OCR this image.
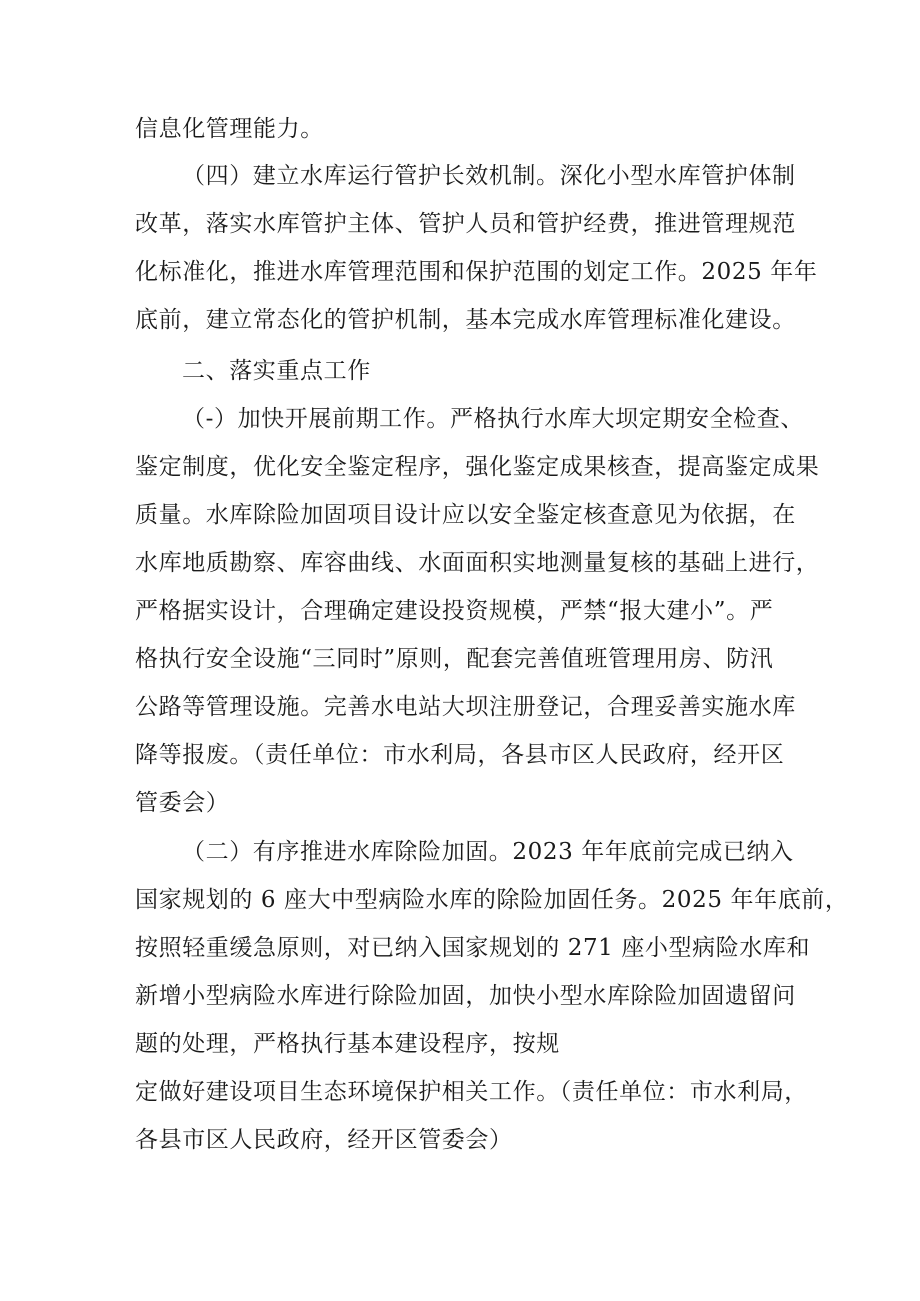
信息化管理能力。

（四）建立水库运行管护长效机制。深化小型水库管护体制

改革，落实水库管护主体、管护人员和管护经费，推进管理规范

化标准化，推进水库管理范围和保护范围的划定工作。2025 年年

底前，建立常态化的管护机制，基本完成水库管理标准化建设。

二、落实重点工作

（-）加快开展前期工作。严格执行水库大坝定期安全检查、

鉴定制度，优化安全鉴定程序，强化鉴定成果核查，提高鉴定成果

质量。水库除险加固项目设计应以安全鉴定核查意见为依据，在

水库地质勘察、库容曲线、水面面积实地测量复核的基础上进行，

严格据实设计，合理确定建设投资规模，严禁“报大建小”。严

格执行安全设施“三同时”原则，配套完善值班管理用房、防汛

公路等管理设施。完善水电站大坝注册登记，合理妥善实施水库

降等报废。（责任单位：市水利局，各县市区人民政府，经开区

管委会）

（二）有序推进水库除险加固。2023 年年底前完成已纳入

国家规划的 6 座大中型病险水库的除险加固任务。2025 年年底前，

按照轻重缓急原则，对已纳入国家规划的 271 座小型病险水库和

新增小型病险水库进行除险加固，加快小型水库除险加固遗留问

题的处理，严格执行基本建设程序，按规

定做好建设项目生态环境保护相关工作。（责任单位：市水利局，

各县市区人民政府，经开区管委会）
